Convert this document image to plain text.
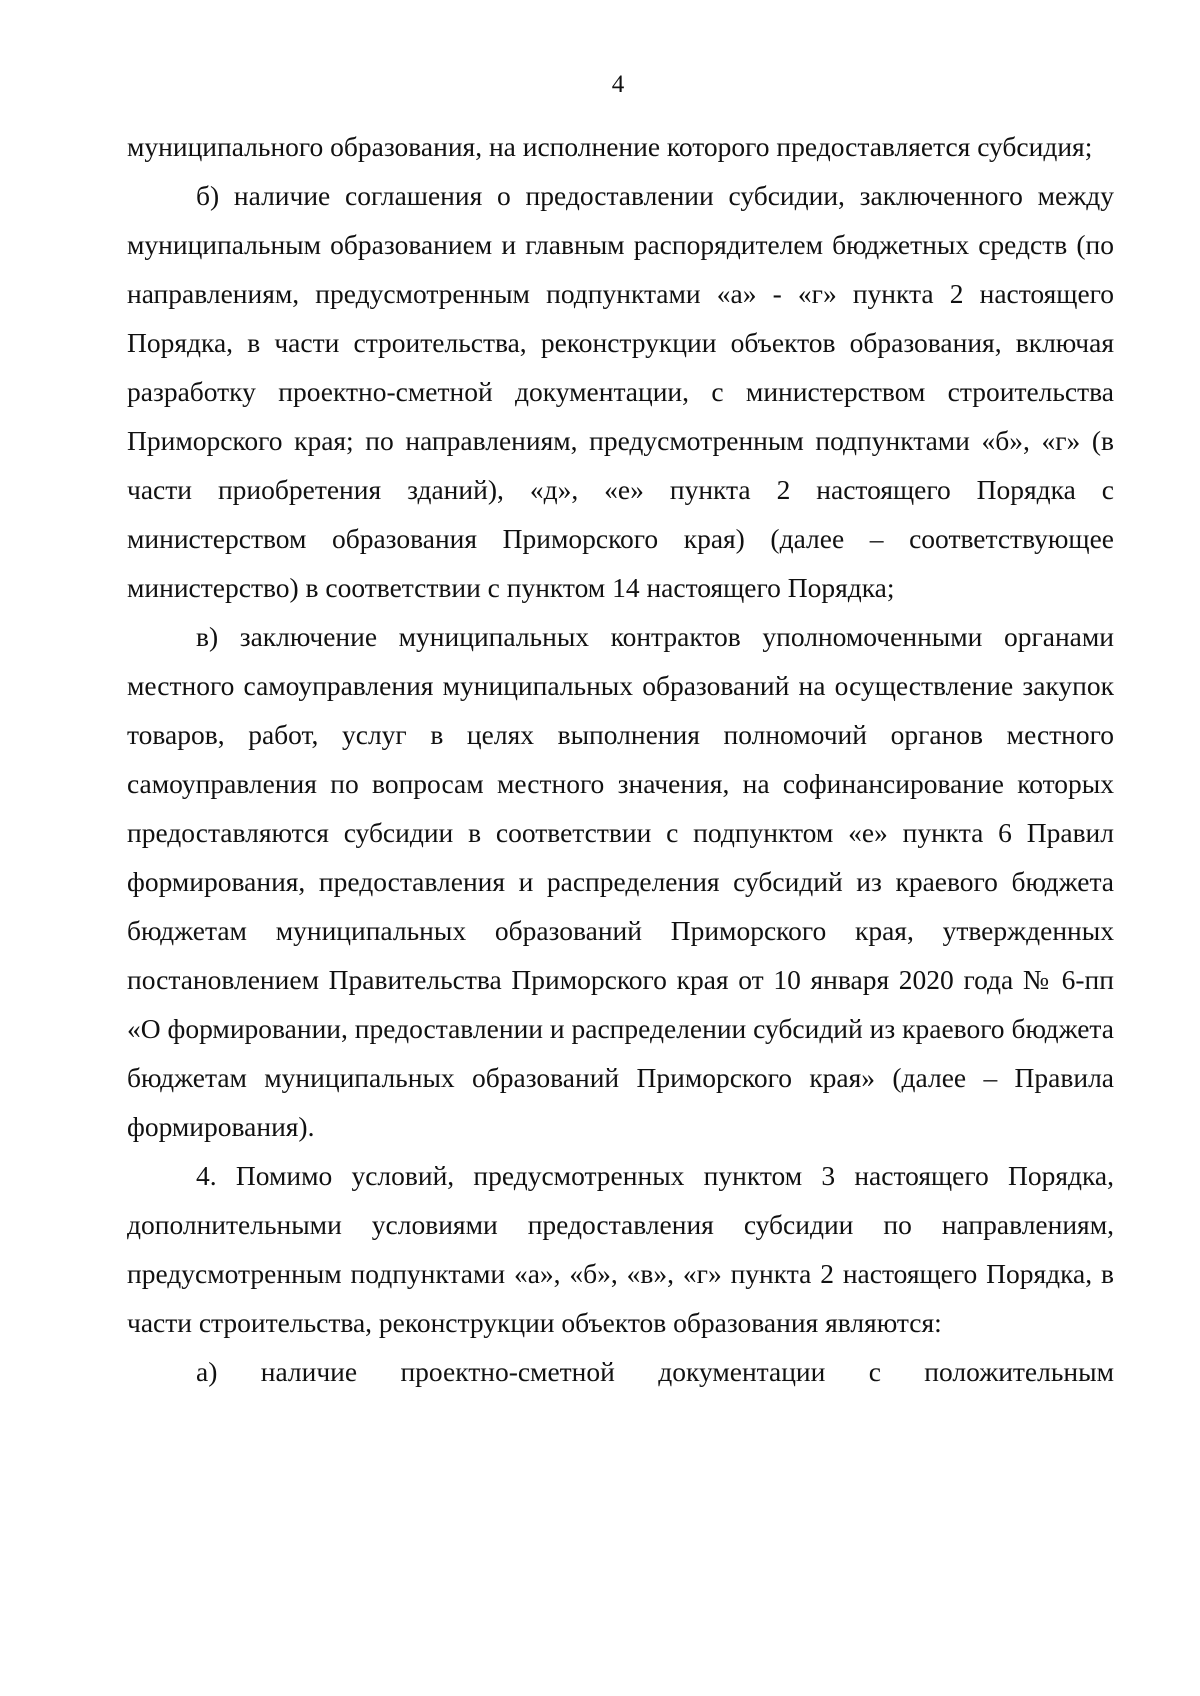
4

муниципального образования, на исполнение которого предоставляется субсидия;

б) наличие соглашения о предоставлении субсидии, заключенного между муниципальным образованием и главным распорядителем бюджетных средств (по направлениям, предусмотренным подпунктами «а» - «г» пункта 2 настоящего Порядка, в части строительства, реконструкции объектов образования, включая разработку проектно-сметной документации, с министерством строительства Приморского края; по направлениям, предусмотренным подпунктами «б», «г» (в части приобретения зданий), «д», «е» пункта 2 настоящего Порядка с министерством образования Приморского края) (далее – соответствующее министерство) в соответствии с пунктом 14 настоящего Порядка;

в) заключение муниципальных контрактов уполномоченными органами местного самоуправления муниципальных образований на осуществление закупок товаров, работ, услуг в целях выполнения полномочий органов местного самоуправления по вопросам местного значения, на софинансирование которых предоставляются субсидии в соответствии с подпунктом «е» пункта 6 Правил формирования, предоставления и распределения субсидий из краевого бюджета бюджетам муниципальных образований Приморского края, утвержденных постановлением Правительства Приморского края от 10 января 2020 года № 6-пп «О формировании, предоставлении и распределении субсидий из краевого бюджета бюджетам муниципальных образований Приморского края» (далее – Правила формирования).

4. Помимо условий, предусмотренных пунктом 3 настоящего Порядка, дополнительными условиями предоставления субсидии по направлениям, предусмотренным подпунктами «а», «б», «в», «г» пункта 2 настоящего Порядка, в части строительства, реконструкции объектов образования являются:

а) наличие проектно-сметной документации с положительным
